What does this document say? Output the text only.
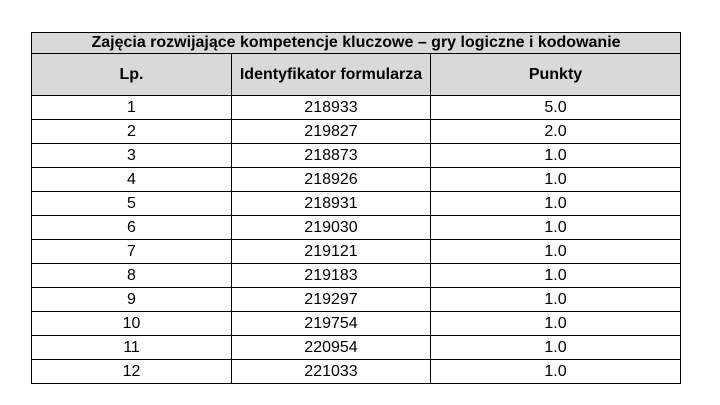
Zajęcia rozwijające kompetencje kluczowe – gry logiczne i kodowanie		
Lp.	Identyfikator formularza	Punkty
1	218933	5.0
2	219827	2.0
3	218873	1.0
4	218926	1.0
5	218931	1.0
6	219030	1.0
7	219121	1.0
8	219183	1.0
9	219297	1.0
10	219754	1.0
11	220954	1.0
12	221033	1.0
